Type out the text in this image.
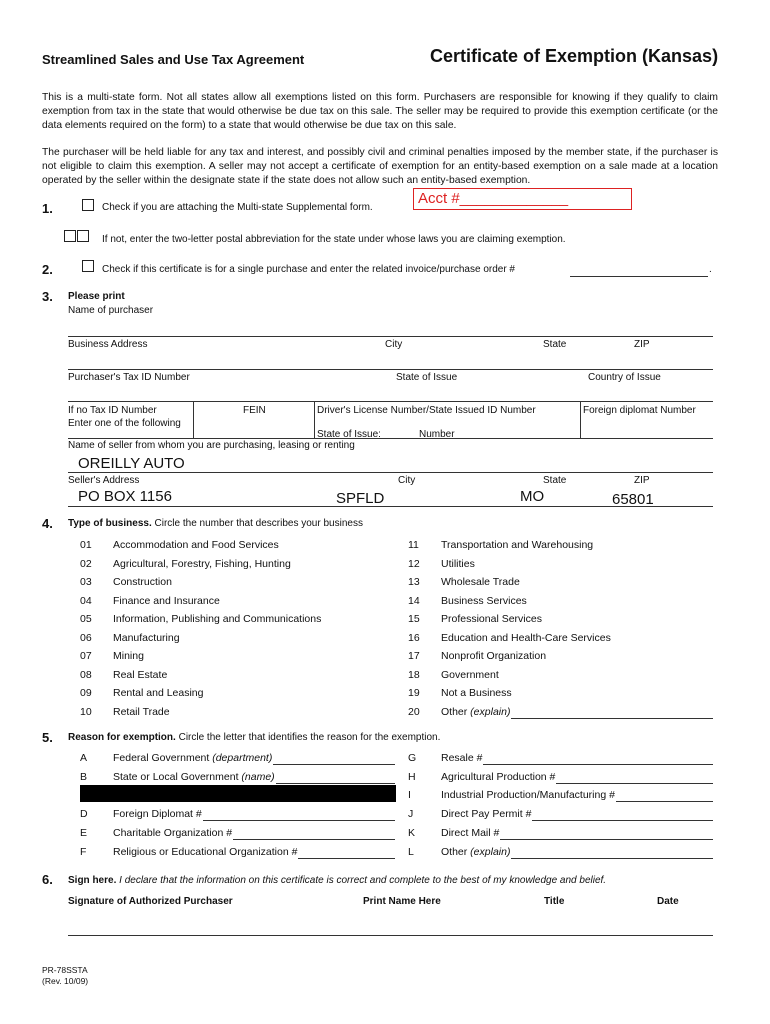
Streamlined Sales and Use Tax Agreement	Certificate of Exemption (Kansas)
This is a multi-state form. Not all states allow all exemptions listed on this form. Purchasers are responsible for knowing if they qualify to claim exemption from tax in the state that would otherwise be due tax on this sale. The seller may be required to provide this exemption certificate (or the data elements required on the form) to a state that would otherwise be due tax on this sale.
The purchaser will be held liable for any tax and interest, and possibly civil and criminal penalties imposed by the member state, if the purchaser is not eligible to claim this exemption. A seller may not accept a certificate of exemption for an entity-based exemption on a sale made at a location operated by the seller within the designate state if the state does not allow such an entity-based exemption.
1.	Check if you are attaching the Multi-state Supplemental form.
Acct #_____________
If not, enter the two-letter postal abbreviation for the state under whose laws you are claiming exemption.
2.	Check if this certificate is for a single purchase and enter the related invoice/purchase order #	.
3. Please print
Name of purchaser
Business Address	City	State	ZIP
Purchaser's Tax ID Number	State of Issue	Country of Issue
If no Tax ID Number
Enter one of the following
FEIN	Driver's License Number/State Issued ID Number	Foreign diplomat Number
State of Issue:	Number
Name of seller from whom you are purchasing, leasing or renting
OREILLY AUTO
Seller's Address	City	State	ZIP
PO BOX 1156	SPFLD	MO	65801
4. Type of business. Circle the number that describes your business
01 Accommodation and Food Services
02 Agricultural, Forestry, Fishing, Hunting
03 Construction
04 Finance and Insurance
05 Information, Publishing and Communications
06 Manufacturing
07 Mining
08 Real Estate
09 Rental and Leasing
10 Retail Trade
11 Transportation and Warehousing
12 Utilities
13 Wholesale Trade
14 Business Services
15 Professional Services
16 Education and Health-Care Services
17 Nonprofit Organization
18 Government
19 Not a Business
20 Other (explain)
5. Reason for exemption. Circle the letter that identifies the reason for the exemption.
A Federal Government (department)
B State or Local Government (name)
D Foreign Diplomat #
E Charitable Organization #
F	Religious or Educational Organization #
G Resale #
H Agricultural Production #
I	Industrial Production/Manufacturing #
J	Direct Pay Permit #
K Direct Mail #
L	Other (explain)
6. Sign here. I declare that the information on this certificate is correct and complete to the best of my knowledge and belief.
Signature of Authorized Purchaser	Print Name Here	Title	Date
PR-78SSTA
(Rev. 10/09)
